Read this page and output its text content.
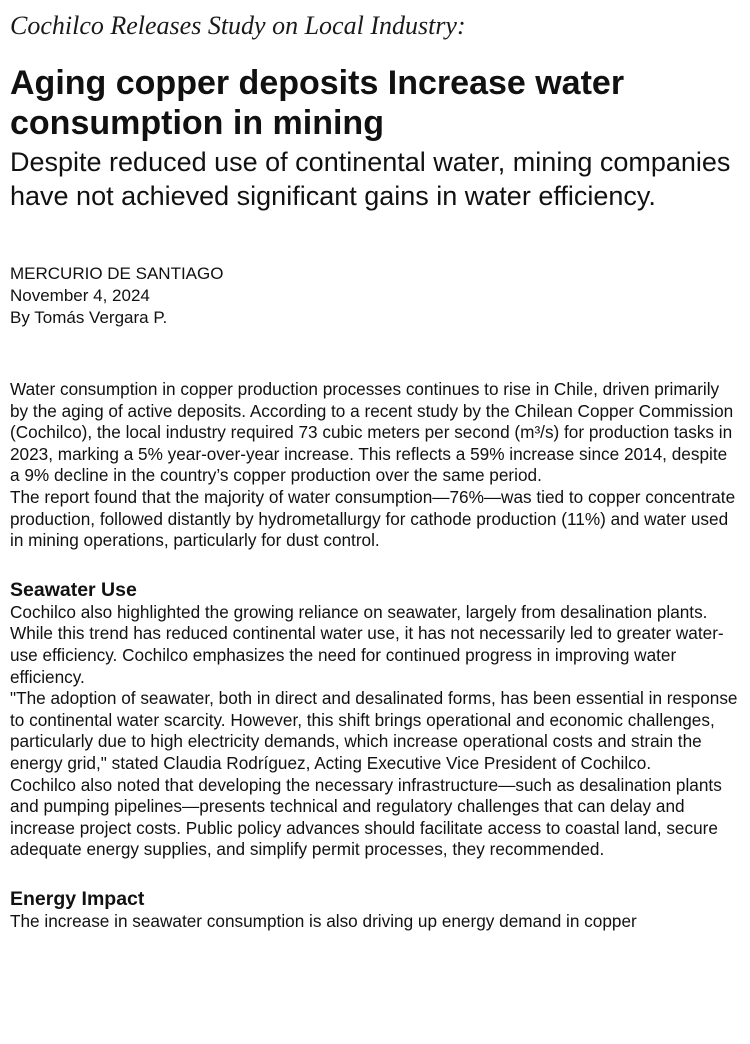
Cochilco Releases Study on Local Industry:
Aging copper deposits Increase water consumption in mining
Despite reduced use of continental water, mining companies have not achieved significant gains in water efficiency.
MERCURIO DE SANTIAGO
November 4, 2024
By Tomás Vergara P.

Water consumption in copper production processes continues to rise in Chile, driven primarily by the aging of active deposits. According to a recent study by the Chilean Copper Commission (Cochilco), the local industry required 73 cubic meters per second (m³/s) for production tasks in 2023, marking a 5% year-over-year increase. This reflects a 59% increase since 2014, despite a 9% decline in the country’s copper production over the same period.

The report found that the majority of water consumption—76%—was tied to copper concentrate production, followed distantly by hydrometallurgy for cathode production (11%) and water used in mining operations, particularly for dust control.

Seawater Use

Cochilco also highlighted the growing reliance on seawater, largely from desalination plants. While this trend has reduced continental water use, it has not necessarily led to greater water-use efficiency. Cochilco emphasizes the need for continued progress in improving water efficiency.

"The adoption of seawater, both in direct and desalinated forms, has been essential in response to continental water scarcity. However, this shift brings operational and economic challenges, particularly due to high electricity demands, which increase operational costs and strain the energy grid," stated Claudia Rodríguez, Acting Executive Vice President of Cochilco.

Cochilco also noted that developing the necessary infrastructure—such as desalination plants and pumping pipelines—presents technical and regulatory challenges that can delay and increase project costs. Public policy advances should facilitate access to coastal land, secure adequate energy supplies, and simplify permit processes, they recommended.

Energy Impact

The increase in seawater consumption is also driving up energy demand in copper
